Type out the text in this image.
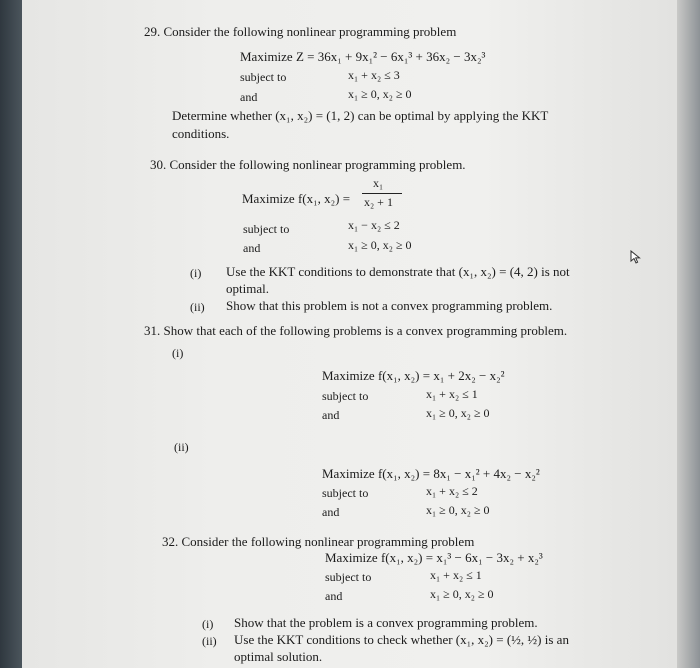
29. Consider the following nonlinear programming problem
Maximize Z = 36x₁ + 9x₁² − 6x₁³ + 36x₂ − 3x₂³
subject to	x₁ + x₂ ≤ 3
and	x₁ ≥ 0, x₂ ≥ 0
Determine whether (x₁, x₂) = (1, 2) can be optimal by applying the KKT
conditions.
30. Consider the following nonlinear programming problem.
Maximize f(x₁, x₂) =
x₁
x₂ + 1
subject to	x₁ − x₂ ≤ 2
and	x₁ ≥ 0, x₂ ≥ 0
(i) Use the KKT conditions to demonstrate that (x₁, x₂) = (4, 2) is not
optimal.
(ii) Show that this problem is not a convex programming problem.
31. Show that each of the following problems is a convex programming problem.
(i)
Maximize f(x₁, x₂) = x₁ + 2x₂ − x₂²
subject to	x₁ + x₂ ≤ 1
and	x₁ ≥ 0, x₂ ≥ 0
(ii)
Maximize f(x₁, x₂) = 8x₁ − x₁² + 4x₂ − x₂²
subject to	x₁ + x₂ ≤ 2
and	x₁ ≥ 0, x₂ ≥ 0
32. Consider the following nonlinear programming problem
Maximize f(x₁, x₂) = x₁³ − 6x₁ − 3x₂ + x₂³
subject to	x₁ + x₂ ≤ 1
and	x₁ ≥ 0, x₂ ≥ 0
(i) Show that the problem is a convex programming problem.
(ii) Use the KKT conditions to check whether (x₁, x₂) = (½, ½) is an
optimal solution.
